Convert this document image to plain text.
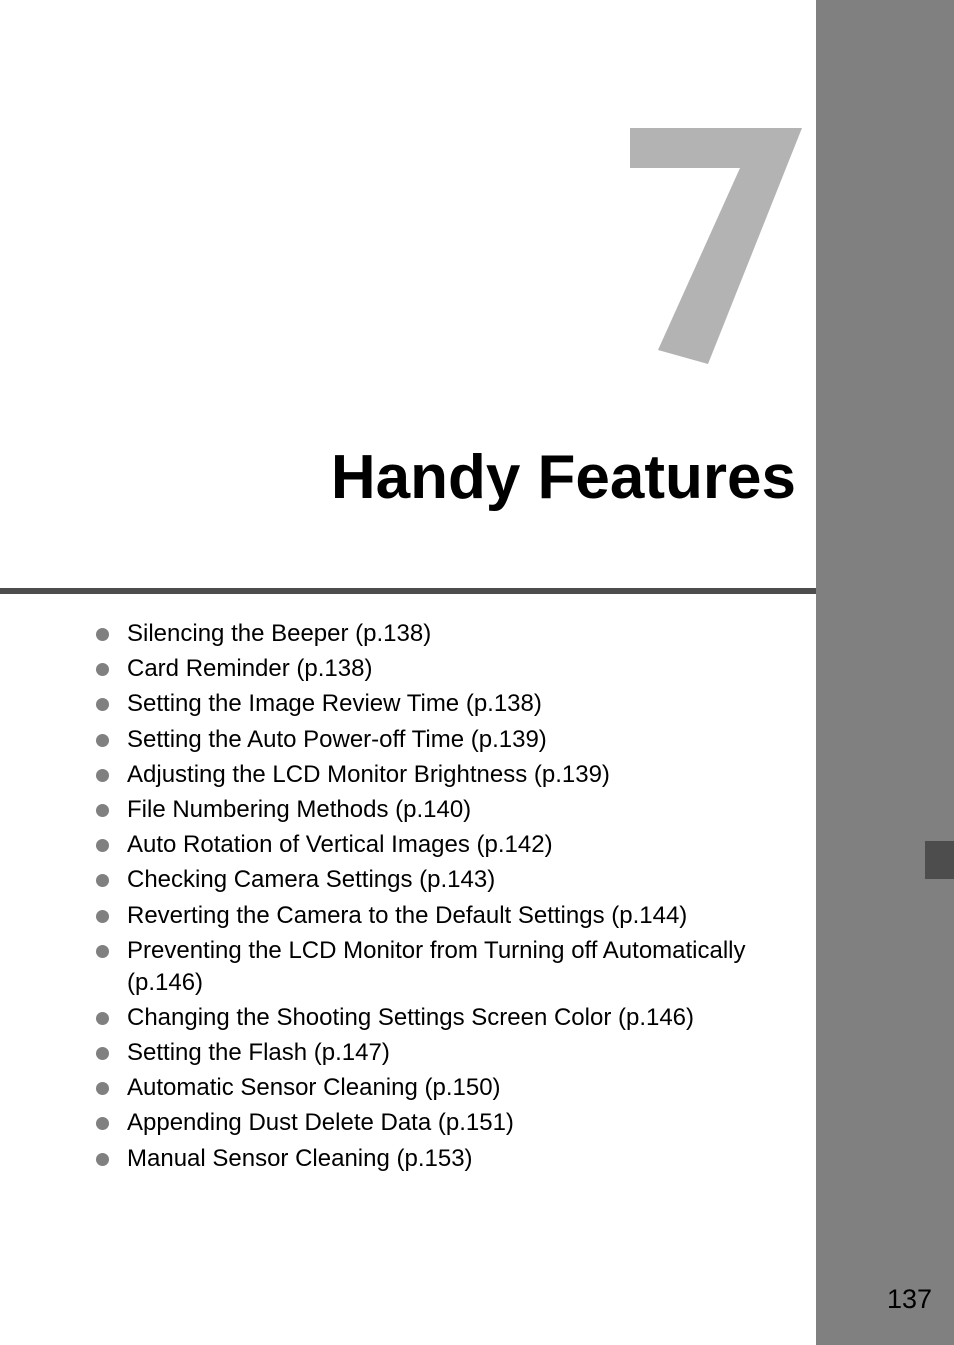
Handy Features
Silencing the Beeper (p.138)
Card Reminder (p.138)
Setting the Image Review Time (p.138)
Setting the Auto Power-off Time (p.139)
Adjusting the LCD Monitor Brightness (p.139)
File Numbering Methods (p.140)
Auto Rotation of Vertical Images (p.142)
Checking Camera Settings (p.143)
Reverting the Camera to the Default Settings (p.144)
Preventing the LCD Monitor from Turning off Automatically (p.146)
Changing the Shooting Settings Screen Color (p.146)
Setting the Flash (p.147)
Automatic Sensor Cleaning (p.150)
Appending Dust Delete Data (p.151)
Manual Sensor Cleaning (p.153)
137
